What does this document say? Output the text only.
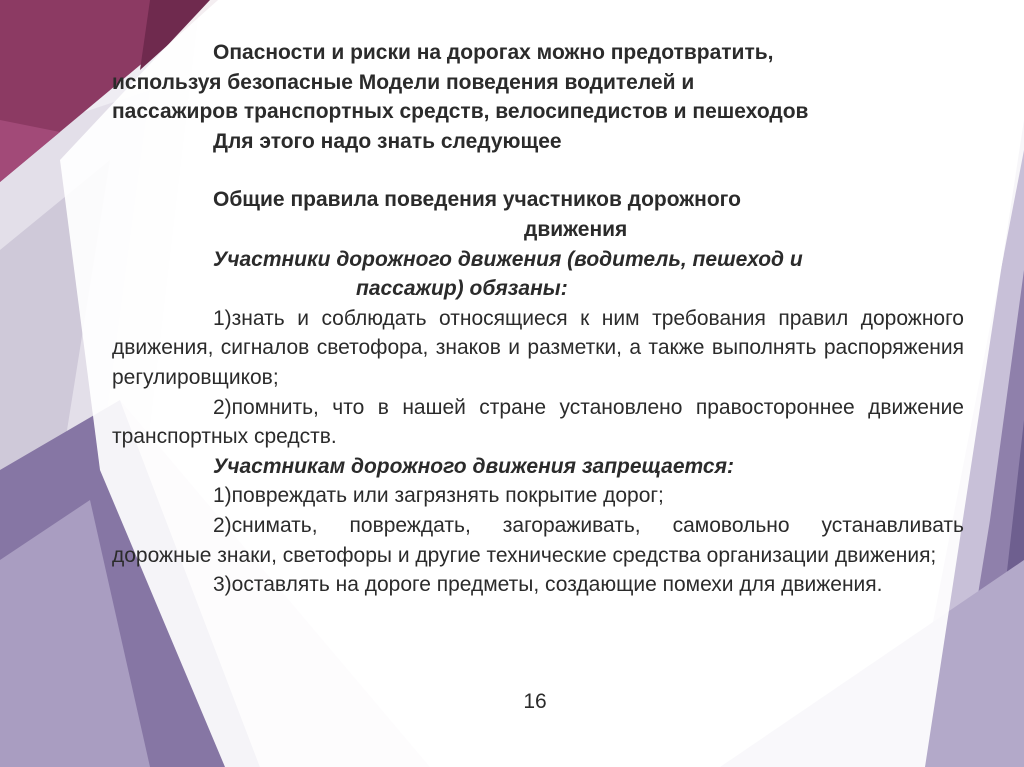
Опасности и риски на дорогах можно предотвратить,

используя безопасные Модели поведения водителей и

пассажиров транспортных средств, велосипедистов и пешеходов

Для этого надо знать следующее

Общие правила поведения участников дорожного

движения

Участники дорожного движения (водитель, пешеход и

пассажир) обязаны:

1)знать и соблюдать относящиеся к ним требования правил дорожного движения, сигналов светофора, знаков и разметки, а также выполнять распоряжения регулировщиков;

2)помнить, что в нашей стране установлено правостороннее движение транспортных средств.

Участникам дорожного движения запрещается:

1)повреждать или загрязнять покрытие дорог;

2)снимать, повреждать, загораживать, самовольно устанавливать дорожные знаки, светофоры и другие технические средства организации движения;

3)оставлять на дороге предметы, создающие помехи для движения.

16
